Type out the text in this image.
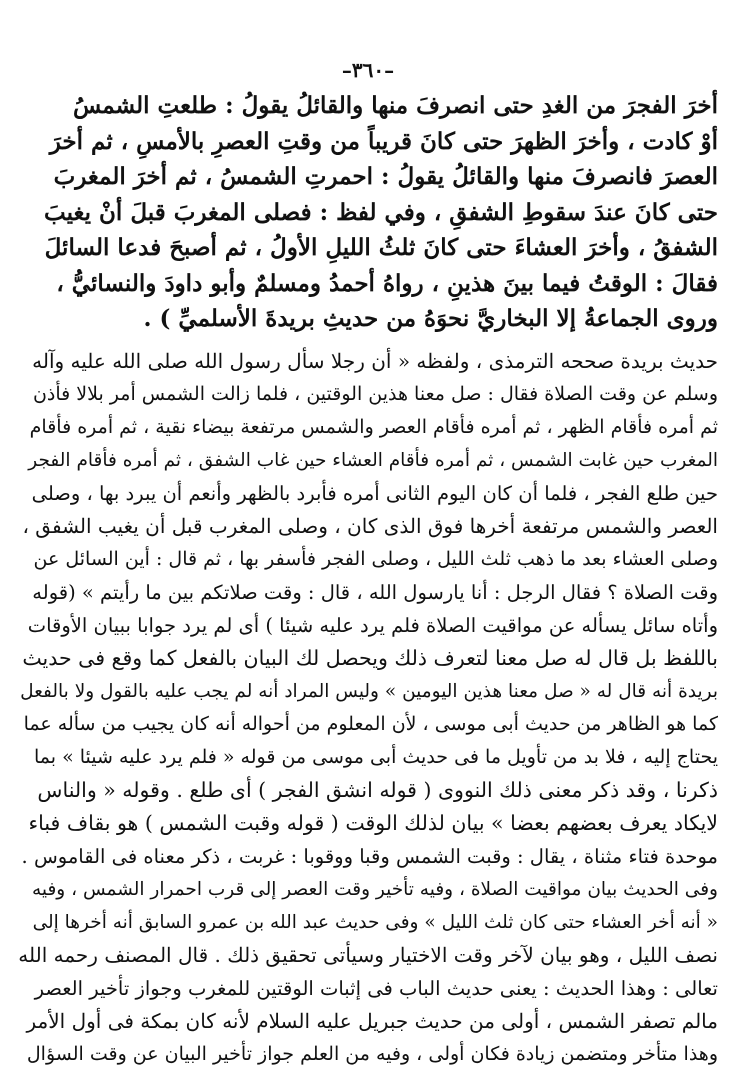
–٣٦٠–
أخرَ الفجرَ من الغدِ حتى انصرفَ منها والقائلُ يقولُ : طلعتِ الشمسُ
أوْ كادت ، وأخرَ الظهرَ حتى كانَ قريباً من وقتِ العصرِ بالأمسِ ، ثم أخرَ
العصرَ فانصرفَ منها والقائلُ يقولُ : احمرتِ الشمسُ ، ثم أخرَ المغربَ
حتى كانَ عندَ سقوطِ الشفقِ ، وفي لفظ : فصلى المغربَ قبلَ أنْ يغيبَ
الشفقُ ، وأخرَ العشاءَ حتى كانَ ثلثُ الليلِ الأولُ ، ثم أصبحَ فدعا السائلَ
فقالَ : الوقتُ فيما بينَ هذينِ ، رواهُ أحمدُ ومسلمٌ وأبو داودَ والنسائيُّ ،
وروى الجماعةُ إلا البخاريَّ نحوَهُ من حديثِ بريدةَ الأسلميِّ ) .
حديث بريدة صححه الترمذى ، ولفظه « أن رجلا سأل رسول الله صلى الله عليه وآله
وسلم عن وقت الصلاة فقال : صل معنا هذين الوقتين ، فلما زالت الشمس أمر بلالا فأذن
ثم أمره فأقام الظهر ، ثم أمره فأقام العصر والشمس مرتفعة بيضاء نقية ، ثم أمره فأقام
المغرب حين غابت الشمس ، ثم أمره فأقام العشاء حين غاب الشفق ، ثم أمره فأقام الفجر
حين طلع الفجر ، فلما أن كان اليوم الثانى أمره فأبرد بالظهر وأنعم أن يبرد بها ، وصلى
العصر والشمس مرتفعة أخرها فوق الذى كان ، وصلى المغرب قبل أن يغيب الشفق ،
وصلى العشاء بعد ما ذهب ثلث الليل ، وصلى الفجر فأسفر بها ، ثم قال : أين السائل عن
وقت الصلاة ؟ فقال الرجل : أنا يارسول الله ، قال : وقت صلاتكم بين ما رأيتم » (قوله
وأتاه سائل يسأله عن مواقيت الصلاة فلم يرد عليه شيئا ) أى لم يرد جوابا ببيان الأوقات
باللفظ بل قال له صل معنا لتعرف ذلك ويحصل لك البيان بالفعل كما وقع فى حديث
بريدة أنه قال له « صل معنا هذين اليومين » وليس المراد أنه لم يجب عليه بالقول ولا بالفعل
كما هو الظاهر من حديث أبى موسى ، لأن المعلوم من أحواله أنه كان يجيب من سأله عما
يحتاج إليه ، فلا بد من تأويل ما فى حديث أبى موسى من قوله « فلم يرد عليه شيئا » بما
ذكرنا ، وقد ذكر معنى ذلك النووى ( قوله انشق الفجر ) أى طلع . وقوله « والناس
لايكاد يعرف بعضهم بعضا » بيان لذلك الوقت ( قوله وقبت الشمس ) هو بقاف فباء
موحدة فتاء مثناة ، يقال : وقبت الشمس وقبا ووقوبا : غربت ، ذكر معناه فى القاموس .
وفى الحديث بيان مواقيت الصلاة ، وفيه تأخير وقت العصر إلى قرب احمرار الشمس ، وفيه
« أنه أخر العشاء حتى كان ثلث الليل » وفى حديث عبد الله بن عمرو السابق أنه أخرها إلى
نصف الليل ، وهو بيان لآخر وقت الاختيار وسيأتى تحقيق ذلك . قال المصنف رحمه الله
تعالى : وهذا الحديث : يعنى حديث الباب فى إثبات الوقتين للمغرب وجواز تأخير العصر
مالم تصفر الشمس ، أولى من حديث جبريل عليه السلام لأنه كان بمكة فى أول الأمر
وهذا متأخر ومتضمن زيادة فكان أولى ، وفيه من العلم جواز تأخير البيان عن وقت السؤال
